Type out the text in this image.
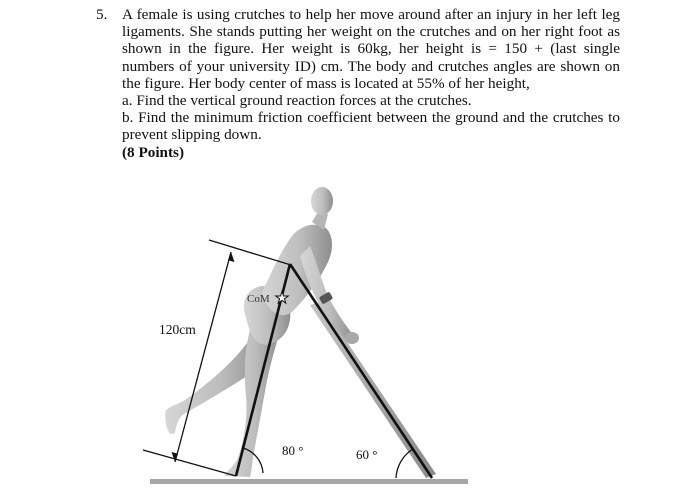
5. A female is using crutches to help her move around after an injury in her left leg ligaments. She stands putting her weight on the crutches and on her right foot as shown in the figure. Her weight is 60kg, her height is = 150 + (last single numbers of your university ID) cm. The body and crutches angles are shown on the figure. Her body center of mass is located at 55% of her height,

a. Find the vertical ground reaction forces at the crutches.

b. Find the minimum friction coefficient between the ground and the crutches to prevent slipping down.

(8 Points)

120cm
CoM
80 °	60 °
